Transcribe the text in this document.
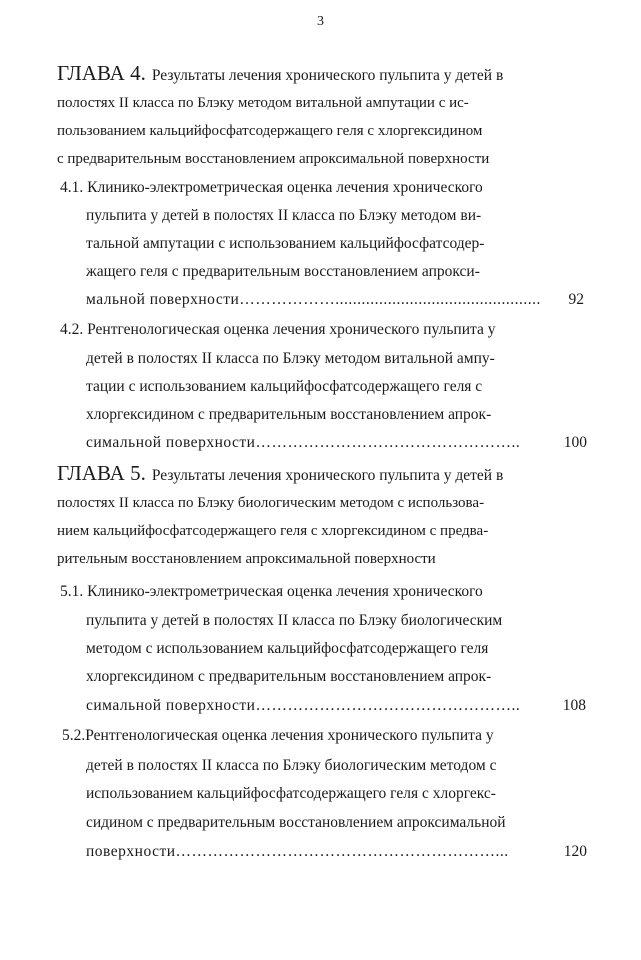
3
ГЛАВА 4. Результаты лечения хронического пульпита у детей в
полостях II класса по Блэку методом витальной ампутации с ис-
пользованием кальцийфосфатсодержащего геля с хлоргексидином
с предварительным восстановлением апроксимальной поверхности
4.1. Клинико-электрометрическая оценка лечения хронического
пульпита у детей в полостях II класса по Блэку методом ви-
тальной ампутации с использованием кальцийфосфатсодер-
жащего геля с предварительным восстановлением апрокси-
мальной поверхности………………...............................................	92
4.2. Рентгенологическая оценка лечения хронического пульпита у
детей в полостях II класса по Блэку методом витальной ампу-
тации с использованием кальцийфосфатсодержащего геля с
хлоргексидином с предварительным восстановлением апрок-
симальной поверхности…………………………………………..	100
ГЛАВА 5. Результаты лечения хронического пульпита у детей в
полостях II класса по Блэку биологическим методом с использова-
нием кальцийфосфатсодержащего геля с хлоргексидином с предва-
рительным восстановлением апроксимальной поверхности
5.1. Клинико-электрометрическая оценка лечения хронического
пульпита у детей в полостях II класса по Блэку биологическим
методом с использованием кальцийфосфатсодержащего геля
хлоргексидином с предварительным восстановлением апрок-
симальной поверхности…………………………………………..	108
5.2.Рентгенологическая оценка лечения хронического пульпита у
детей в полостях II класса по Блэку биологическим методом с
использованием кальцийфосфатсодержащего геля с хлоргекс-
сидином с предварительным восстановлением апроксимальной
поверхности……………………………………………………...	120
